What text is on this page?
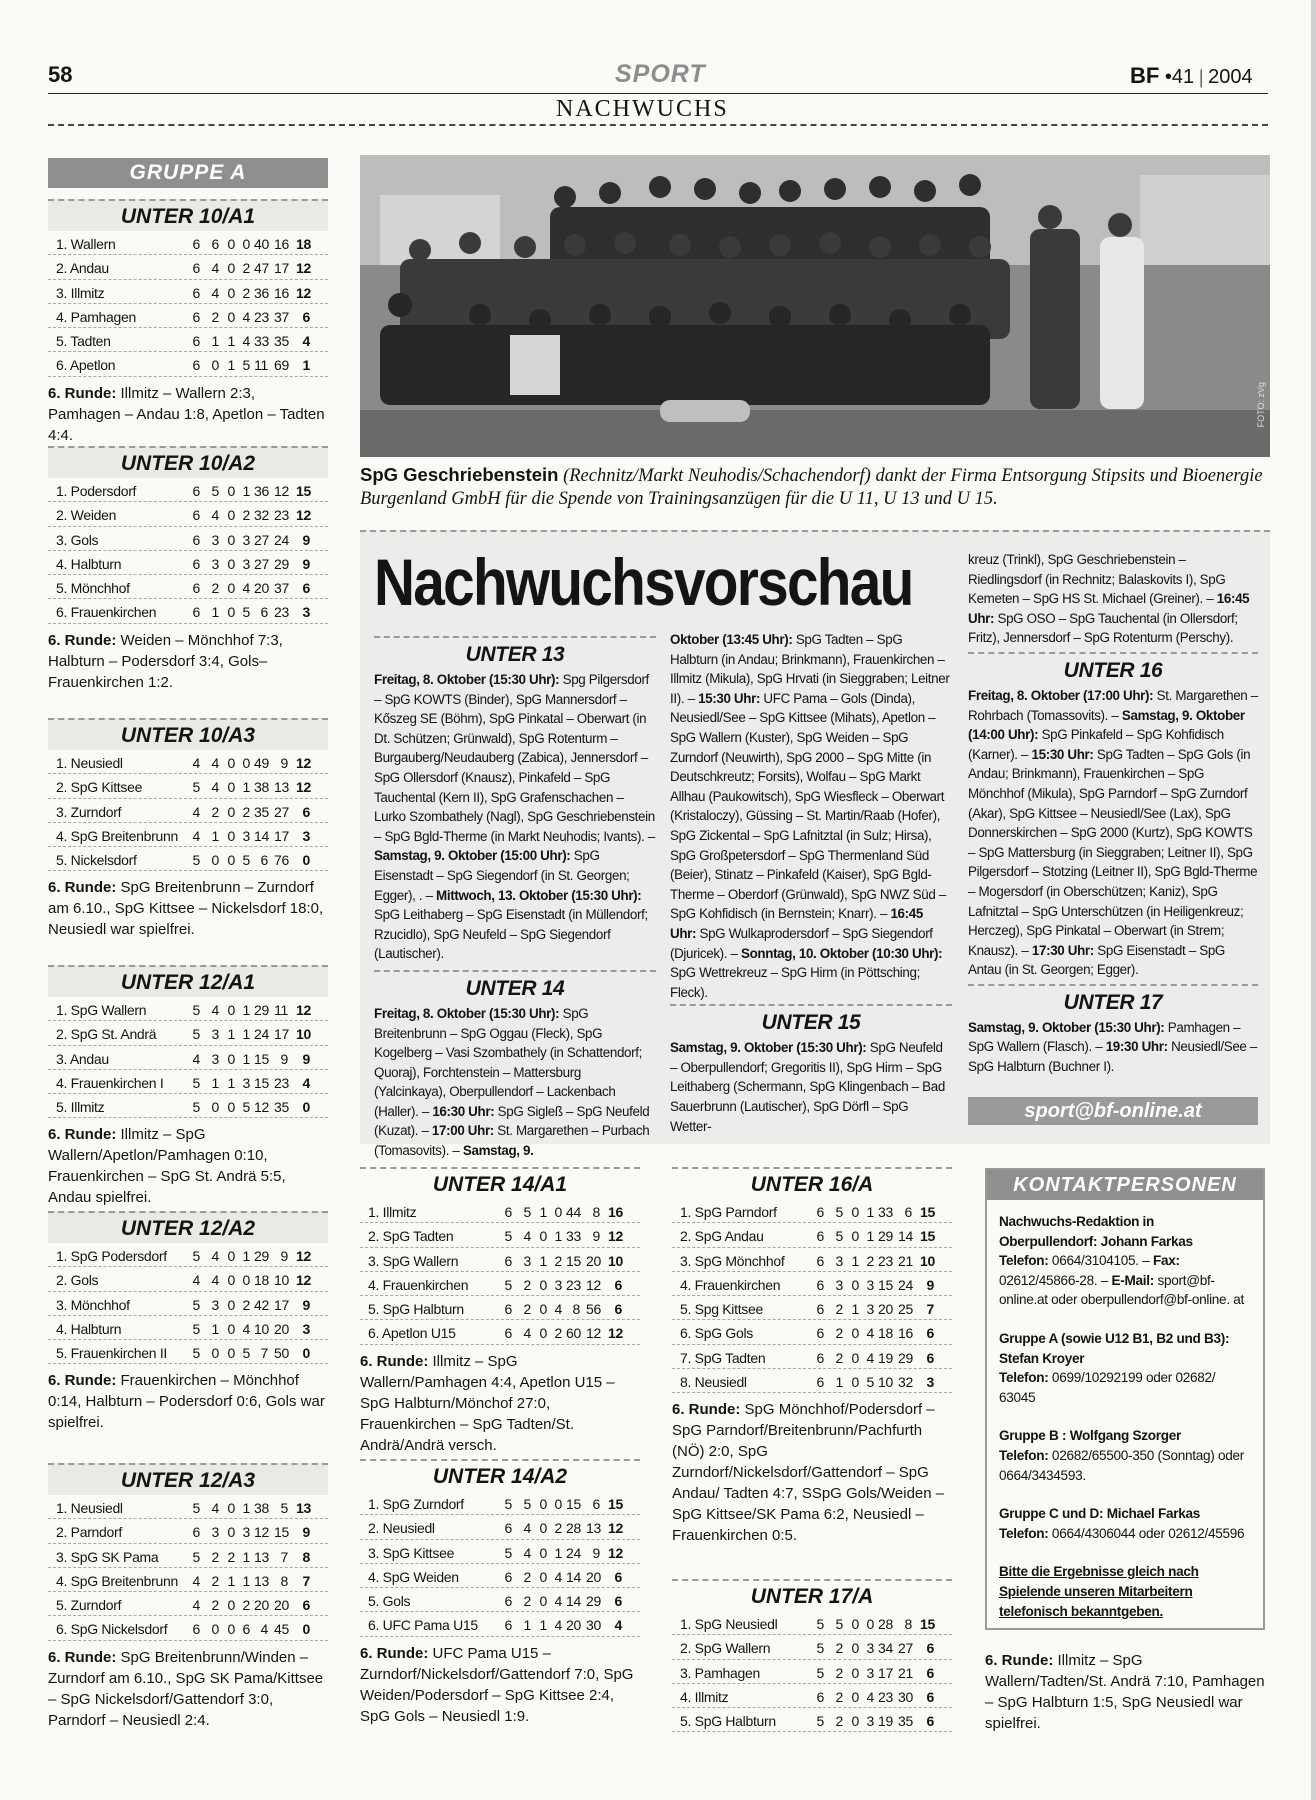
58	SPORT	BF •41 | 2004
NACHWUCHS
GRUPPE A
UNTER 10/A1
1. Wallern	6 6 0 0 40 16 18
2. Andau	6 4 0 2 47 17 12
3. Illmitz	6 4 0 2 36 16 12
4. Pamhagen	6 2 0 4 23 37 6
5. Tadten	6 1 1 4 33 35 4
6. Apetlon	6 0 1 5 11 69 1
6. Runde: Illmitz – Wallern 2:3, Pamhagen – Andau 1:8, Apetlon – Tadten 4:4.
UNTER 10/A2
1. Podersdorf	6 5 0 1 36 12 15
2. Weiden	6 4 0 2 32 23 12
3. Gols	6 3 0 3 27 24 9
4. Halbturn	6 3 0 3 27 29 9
5. Mönchhof	6 2 0 4 20 37 6
6. Frauenkirchen	6 1 0 5 6 23 3
6. Runde: Weiden – Mönchhof 7:3, Halbturn – Podersdorf 3:4, Gols– Frauenkirchen 1:2.
UNTER 10/A3
1. Neusiedl	4 4 0 0 49 9 12
2. SpG Kittsee	5 4 0 1 38 13 12
3. Zurndorf	4 2 0 2 35 27 6
4. SpG Breitenbrunn	4 1 0 3 14 17 3
5. Nickelsdorf	5 0 0 5 6 76 0
6. Runde: SpG Breitenbrunn – Zurndorf am 6.10., SpG Kittsee – Nickelsdorf 18:0, Neusiedl war spielfrei.
UNTER 12/A1
1. SpG Wallern	5 4 0 1 29 11 12
2. SpG St. Andrä	5 3 1 1 24 17 10
3. Andau	4 3 0 1 15 9	9
4. Frauenkirchen I	5 1 1 3 15 23 4
5. Illmitz	5 0 0 5 12 35 0
6. Runde: Illmitz – SpG Wallern/Apetlon/Pamhagen 0:10, Frauenkirchen – SpG St. Andrä 5:5, Andau spielfrei.
UNTER 12/A2
1. SpG Podersdorf	5 4 0 1 29 9 12
2. Gols	4 4 0 0 18 10 12
3. Mönchhof	5 3 0 2 42 17 9
4. Halbturn	5 1 0 4 10 20 3
5. Frauenkirchen II	5 0 0 5 7 50 0
6. Runde: Frauenkirchen – Mönchhof 0:14, Halbturn – Podersdorf 0:6, Gols war spielfrei.
UNTER 12/A3
1. Neusiedl	5 4 0 1 38 5 13
2. Parndorf	6 3 0 3 12 15 9
3. SpG SK Pama	5 2 2 1 13 7	8
4. SpG Breitenbrunn	4 2 1 1 13 8	7
5. Zurndorf	4 2 0 2 20 20 6
6. SpG Nickelsdorf	6 0 0 6 4 45 0
6. Runde: SpG Breitenbrunn/Winden – Zurndorf am 6.10., SpG SK Pama/Kittsee – SpG Nickelsdorf/Gattendorf 3:0, Parndorf – Neusiedl 2:4.
FOTO: zVg
SpG Geschriebenstein (Rechnitz/Markt Neuhodis/Schachendorf) dankt der Firma Entsorgung Stipsits und Bioenergie Burgenland GmbH für die Spende von Trainingsanzügen für die U 11, U 13 und U 15.
Nachwuchsvorschau
UNTER 13
Freitag, 8. Oktober (15:30 Uhr): Spg Pilgersdorf – SpG KOWTS (Binder), SpG Mannersdorf – Kőszeg SE (Böhm), SpG Pinkatal – Oberwart (in Dt. Schützen; Grünwald), SpG Rotenturm – Burgauberg/Neudauberg (Zabica), Jennersdorf – SpG Ollersdorf (Knausz), Pinkafeld – SpG Tauchental (Kern II), SpG Grafenschachen – Lurko Szombathely (Nagl), SpG Geschriebenstein – SpG Bgld-Therme (in Markt Neuhodis; Ivants). – Samstag, 9. Oktober (15:00 Uhr): SpG Eisenstadt – SpG Siegendorf (in St. Georgen; Egger), . – Mittwoch, 13. Oktober (15:30 Uhr): SpG Leithaberg – SpG Eisenstadt (in Müllendorf; Rzucidlo), SpG Neufeld – SpG Siegendorf (Lautischer).
UNTER 14
Freitag, 8. Oktober (15:30 Uhr): SpG Breitenbrunn – SpG Oggau (Fleck), SpG Kogelberg – Vasi Szombathely (in Schattendorf; Quoraj), Forchtenstein – Mattersburg (Yalcinkaya), Oberpullendorf – Lackenbach (Haller). – 16:30 Uhr: SpG Sigleß – SpG Neufeld (Kuzat). – 17:00 Uhr: St. Margarethen – Purbach (Tomasovits). – Samstag, 9.
Oktober (13:45 Uhr): SpG Tadten – SpG Halbturn (in Andau; Brinkmann), Frauenkirchen – Illmitz (Mikula), SpG Hrvati (in Sieggraben; Leitner II). – 15:30 Uhr: UFC Pama – Gols (Dinda), Neusiedl/See – SpG Kittsee (Mihats), Apetlon – SpG Wallern (Kuster), SpG Weiden – SpG Zurndorf (Neuwirth), SpG 2000 – SpG Mitte (in Deutschkreutz; Forsits), Wolfau – SpG Markt Allhau (Paukowitsch), SpG Wiesfleck – Oberwart (Kristaloczy), Güssing – St. Martin/Raab (Hofer), SpG Zickental – SpG Lafnitztal (in Sulz; Hirsa), SpG Großpetersdorf – SpG Thermenland Süd (Beier), Stinatz – Pinkafeld (Kaiser), SpG Bgld-Therme – Oberdorf (Grünwald), SpG NWZ Süd – SpG Kohfidisch (in Bernstein; Knarr). – 16:45 Uhr: SpG Wulkaprodersdorf – SpG Siegendorf (Djuricek). – Sonntag, 10. Oktober (10:30 Uhr): SpG Wettrekreuz – SpG Hirm (in Pöttsching; Fleck).
UNTER 15
Samstag, 9. Oktober (15:30 Uhr): SpG Neufeld – Oberpullendorf; Gregoritis II), SpG Hirm – SpG Leithaberg (Schermann, SpG Klingenbach – Bad Sauerbrunn (Lautischer), SpG Dörfl – SpG Wetter-
kreuz (Trinkl), SpG Geschriebenstein – Riedlingsdorf (in Rechnitz; Balaskovits I), SpG Kemeten – SpG HS St. Michael (Greiner). – 16:45 Uhr: SpG OSO – SpG Tauchental (in Ollersdorf; Fritz), Jennersdorf – SpG Rotenturm (Perschy).
UNTER 16
Freitag, 8. Oktober (17:00 Uhr): St. Margarethen – Rohrbach (Tomassovits). – Samstag, 9. Oktober (14:00 Uhr): SpG Pinkafeld – SpG Kohfidisch (Karner). – 15:30 Uhr: SpG Tadten – SpG Gols (in Andau; Brinkmann), Frauenkirchen – SpG Mönchhof (Mikula), SpG Parndorf – SpG Zurndorf (Akar), SpG Kittsee – Neusiedl/See (Lax), SpG Donnerskirchen – SpG 2000 (Kurtz), SpG KOWTS – SpG Mattersburg (in Sieggraben; Leitner II), SpG Pilgersdorf – Stotzing (Leitner II), SpG Bgld-Therme – Mogersdorf (in Oberschützen; Kaniz), SpG Lafnitztal – SpG Unterschützen (in Heiligenkreuz; Herczeg), SpG Pinkatal – Oberwart (in Strem; Knausz). – 17:30 Uhr: SpG Eisenstadt – SpG Antau (in St. Georgen; Egger).
UNTER 17
Samstag, 9. Oktober (15:30 Uhr): Pamhagen – SpG Wallern (Flasch). – 19:30 Uhr: Neusiedl/See – SpG Halbturn (Buchner I).
sport@bf-online.at
UNTER 14/A1
1. Illmitz	6 5 1 0 44 8 16
2. SpG Tadten	5 4 0 1 33 9 12
3. SpG Wallern	6 3 1 2 15 20 10
4. Frauenkirchen	5 2 0 3 23 12 6
5. SpG Halbturn	6 2 0 4 8 56 6
6. Apetlon U15	6 4 0 2 60 12 12
6. Runde: Illmitz – SpG Wallern/Pamhagen 4:4, Apetlon U15 – SpG Halbturn/Mönchof 27:0, Frauenkirchen – SpG Tadten/St. Andrä/Andrä versch.
UNTER 14/A2
1. SpG Zurndorf	5 5 0 0 15 6 15
2. Neusiedl	6 4 0 2 28 13 12
3. SpG Kittsee	5 4 0 1 24 9 12
4. SpG Weiden	6 2 0 4 14 20 6
5. Gols	6 2 0 4 14 29 6
6. UFC Pama U15	6 1 1 4 20 30 4
6. Runde: UFC Pama U15 – Zurndorf/Nickelsdorf/Gattendorf 7:0, SpG Weiden/Podersdorf – SpG Kittsee 2:4, SpG Gols – Neusiedl 1:9.
UNTER 16/A
1. SpG Parndorf	6 5 0 1 33 6 15
2. SpG Andau	6 5 0 1 29 14 15
3. SpG Mönchhof	6 3 1 2 23 21 10
4. Frauenkirchen	6 3 0 3 15 24 9
5. Spg Kittsee	6 2 1 3 20 25 7
6. SpG Gols	6 2 0 4 18 16 6
7. SpG Tadten	6 2 0 4 19 29 6
8. Neusiedl	6 1 0 5 10 32 3
6. Runde: SpG Mönchhof/Podersdorf – SpG Parndorf/Breitenbrunn/Pachfurth (NÖ) 2:0, SpG Zurndorf/Nickelsdorf/Gattendorf – SpG Andau/ Tadten 4:7, SSpG Gols/Weiden – SpG Kittsee/SK Pama 6:2, Neusiedl – Frauenkirchen 0:5.
UNTER 17/A
1. SpG Neusiedl	5 5 0 0 28 8 15
2. SpG Wallern	5 2 0 3 34 27 6
3. Pamhagen	5 2 0 3 17 21 6
4. Illmitz	6 2 0 4 23 30 6
5. SpG Halbturn	5 2 0 3 19 35 6
KONTAKTPERSONEN

Nachwuchs-Redaktion in Oberpullendorf: Johann Farkas
Telefon: 0664/3104105. – Fax: 02612/45866-28. – E-Mail: sport@bf-online.at oder oberpullendorf@bf-online. at

Gruppe A (sowie U12 B1, B2 und B3): Stefan Kroyer
Telefon: 0699/10292199 oder 02682/ 63045

Gruppe B : Wolfgang Szorger
Telefon: 02682/65500-350 (Sonntag) oder 0664/3434593.

Gruppe C und D: Michael Farkas
Telefon: 0664/4306044 oder 02612/45596

Bitte die Ergebnisse gleich nach Spielende unseren Mitarbeitern telefonisch bekanntgeben.

6. Runde: Illmitz – SpG Wallern/Tadten/St. Andrä 7:10, Pamhagen – SpG Halbturn 1:5, SpG Neusiedl war spielfrei.
